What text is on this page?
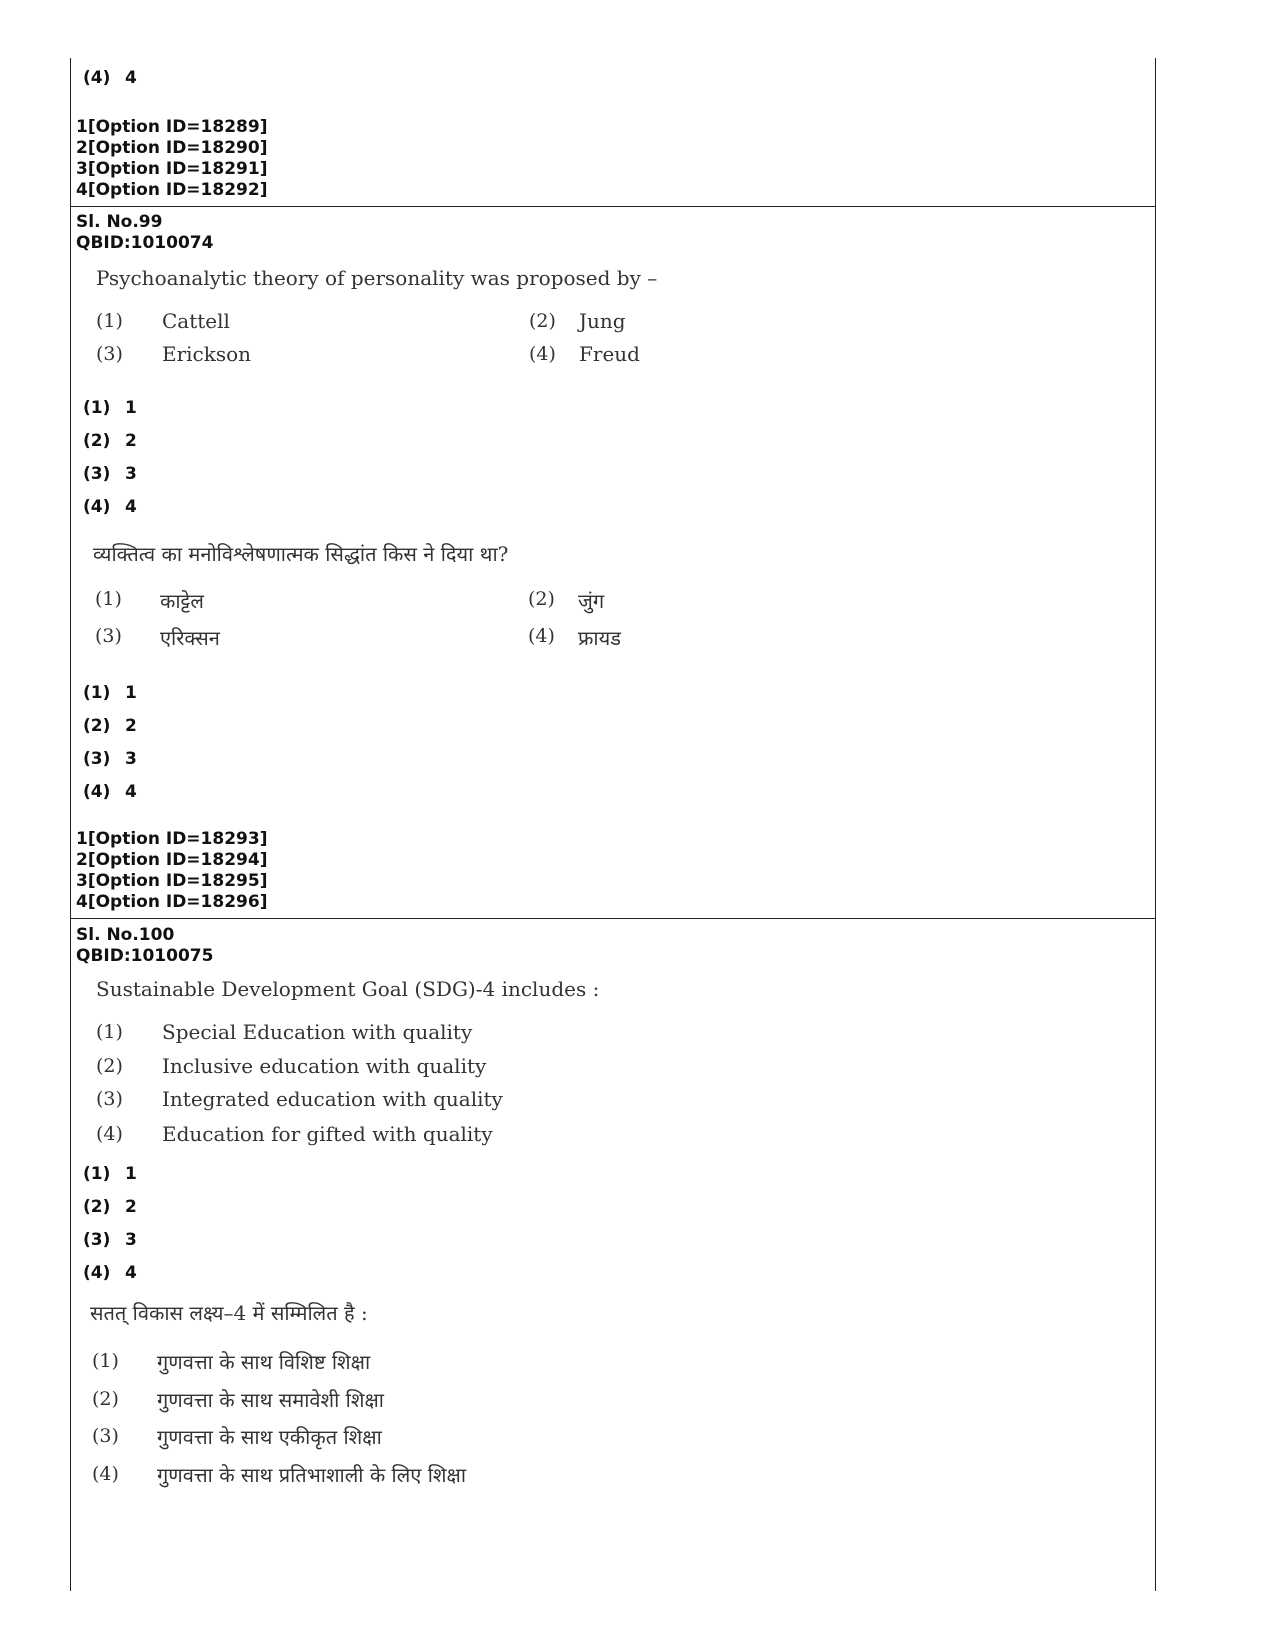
(4) 4
1[Option ID=18289]
2[Option ID=18290]
3[Option ID=18291]
4[Option ID=18292]
Sl. No.99
QBID:1010074
Psychoanalytic theory of personality was proposed by –
(1) Cattell	(2) Jung
(3) Erickson	(4) Freud
(1) 1
(2) 2
(3) 3
(4) 4
व्यक्तित्व का मनोविश्लेषणात्मक सिद्धांत किस ने दिया था?
(1) काट्टेल	(2) जुंग
(3) एरिक्सन	(4) फ्रायड
(1) 1
(2) 2
(3) 3
(4) 4
1[Option ID=18293]
2[Option ID=18294]
3[Option ID=18295]
4[Option ID=18296]
Sl. No.100
QBID:1010075
Sustainable Development Goal (SDG)-4 includes :
(1) Special Education with quality
(2) Inclusive education with quality
(3) Integrated education with quality
(4) Education for gifted with quality
(1) 1
(2) 2
(3) 3
(4) 4
सतत् विकास लक्ष्य–4 में सम्मिलित है :
(1) गुणवत्ता के साथ विशिष्ट शिक्षा
(2) गुणवत्ता के साथ समावेशी शिक्षा
(3) गुणवत्ता के साथ एकीकृत शिक्षा
(4) गुणवत्ता के साथ प्रतिभाशाली के लिए शिक्षा
